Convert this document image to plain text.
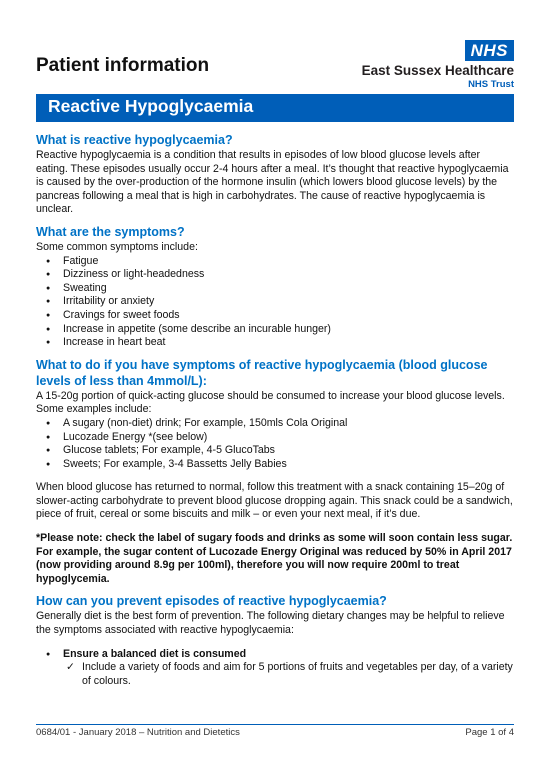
Patient information
NHS
East Sussex Healthcare
NHS Trust
Reactive Hypoglycaemia
What is reactive hypoglycaemia?

Reactive hypoglycaemia is a condition that results in episodes of low blood glucose levels after eating. These episodes usually occur 2-4 hours after a meal. It’s thought that reactive hypoglycaemia is caused by the over-production of the hormone insulin (which lowers blood glucose levels) by the pancreas following a meal that is high in carbohydrates. The cause of reactive hypoglycaemia is unclear.

What are the symptoms?

Some common symptoms include:

● Fatigue
● Dizziness or light-headedness
● Sweating
● Irritability or anxiety
● Cravings for sweet foods
● Increase in appetite (some describe an incurable hunger)
● Increase in heart beat
What to do if you have symptoms of reactive hypoglycaemia (blood glucose levels of less than 4mmol/L):

A 15-20g portion of quick-acting glucose should be consumed to increase your blood glucose levels. Some examples include:

● A sugary (non-diet) drink; For example, 150mls Cola Original
● Lucozade Energy *(see below)
● Glucose tablets; For example, 4-5 GlucoTabs
● Sweets; For example, 3-4 Bassetts Jelly Babies

When blood glucose has returned to normal, follow this treatment with a snack containing 15–20g of slower-acting carbohydrate to prevent blood glucose dropping again. This snack could be a sandwich, piece of fruit, cereal or some biscuits and milk – or even your next meal, if it’s due.

*Please note: check the label of sugary foods and drinks as some will soon contain less sugar. For example, the sugar content of Lucozade Energy Original was reduced by 50% in April 2017 (now providing around 8.9g per 100ml), therefore you will now require 200ml to treat hypoglycemia.

How can you prevent episodes of reactive hypoglycaemia?

Generally diet is the best form of prevention. The following dietary changes may be helpful to relieve the symptoms associated with reactive hypoglycaemia:

● Ensure a balanced diet is consumed
✓ Include a variety of foods and aim for 5 portions of fruits and vegetables per day, of a variety of colours.
0684/01 - January 2018 – Nutrition and Dietetics	Page 1 of 4
